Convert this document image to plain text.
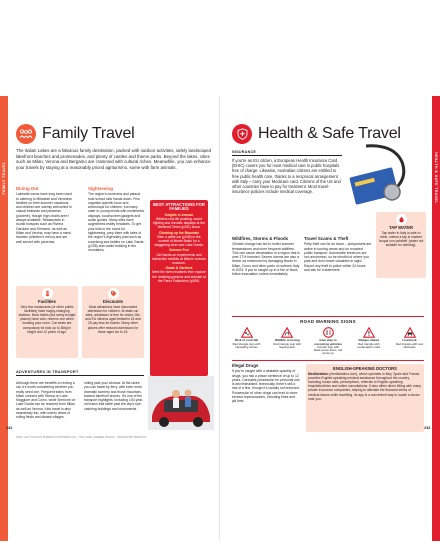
FAMILY TRAVEL
Family Travel
The Italian Lakes are a fabulous family destination, packed with outdoor activities, safely landscaped lakefront beaches and promenades, and plenty of castles and theme parks. Beyond the lakes, cities such as Milan, Verona and Bergamo are crammed with cultural riches. Meanwhile, you can enhance your travels by staying at a reasonably priced agriturismo, some with farm animals.
Dining Out
Lakeside towns have long been used to catering to Milanese and Veronese families on their summer vacations, and children are warmly welcomed in casual trattorias and pizzerias (pizzerie), though high chairs aren't always available. Restaurants in tourist hotspots such as Riviera Gardone and Sirmione, as well as Milan and Verona, may have a menù bambini (children's menu) and are well served with pizzerias.
Sightseeing
The region's museums and palazzi host school kids hands down. Few organise specific tours and workshops for children, but many cater to young minds with multimedia displays, touchscreen gadgets and audio guides. Many sites have augmented-reality headsets. To get your kids in the mood for sightseeing, prep them with tales of the region's legendary past such as surprising sea battles on Lake Garda (p208) and castle building in the mountains.
BEST ATTRACTIONS FOR FAMILIES
Knights in Armour
Witness real-life jousting, sword fighting and chivalric displays at the Medieval Times (p251) show.
Climbing up the Mountain
Ride a cable car (p208) to the summit of Monte Baldo for a staggering view over Lake Garda.
Science Fun
Get hands-on experiments and interactive exhibits at Milan's science museum.
Goats & Gardens
Meet the farm residents then explore the rambling gardens and animals at the Parco Pallavicino (p189).
Facilities
Very few restaurants (or other public facilities) have nappy-changing stations. Most hotels (but rarely budget places) have cots; reserve one when booking your room. Car seats are compulsory for kids up to 36kg in height and 12 years of age.
Discounts
Most attractions have discounted admission for children. At state-run sites, admission is free for under-18s, and EU citizens aged between 18 and 25 pay less for tickets. Many other places offer reduced admission for those aged six to 18.
ADVENTURES IN TRANSPORT
Although there are benefits to renting a car, it's worth considering whether you really need one. Frequent trains from Milan connect with Stresa on Lake Maggiore and Como, while Sirmione on Lake Garda can be reached from Milan as well as Verona. Kids travel is also seamlessly fun, with scenic views of rolling fields and distant villages.
rolling past your window. At the lakes, you can travel by ferry, with even more dramatic scenery and those mountain-backed lakefront shores. It's one of the transport highlights, including 100-year-old trains that rattle past the city's eye-catching buildings and monuments.
232
HEALTH & SAFE TRAVEL
Health & Safe Travel
INSURANCE
If you're an EU citizen, a European Health Insurance Card (EHIC) covers you for most medical care in public hospitals free of charge. Likewise, Australian citizens are entitled to free public health care, thanks to a reciprocal arrangement with Italy – carry your Medicare card. Citizens of the US and other countries have to pay for treatment. Most travel-insurance policies include medical coverage.
TAP WATER
Tap water in Italy is safe to drink, unless a tap is marked 'acqua non potabile' (water not suitable for drinking).
Wildfires, Storms & Floods
Climate change has led to hotter summer temperatures and more frequent wildfires. This can cause devastation in a region that is over 27% forested. Severe storms are also a threat, as evidenced by damaging floods in Milan, Como and other parts of northern Italy in 2023. If you're caught up in a fire or flood, follow evacuation orders immediately.
Travel Scams & Theft
Petty theft can be an issue – pickpockets are active in touristy areas and on crowded public transport. Automobile break-ins are not uncommon, so be mindful of where you park and don't leave valuables in sight. Report any theft to police within 24 hours and ask for a statement.
ROAD WARNING SIGNS
Risk of rock fall
Red triangle sign with cascading stones
Wildlife crossing
Red triangle sign with leaping deer
Give way to oncoming vehicles
Circular sign with black arrow down, red arrow up
Danger ahead
Red triangle with exclamation mark
Livestock
Red triangle with cow silhouette
Illegal Drugs
If you're caught with a dealable quantity of drugs, you risk a prison sentence of up to 12 years. Cannabis possession for personal use is decriminalised: technically, there's still a risk of a fine, though it's usually not enforced. Possession of other drugs can lead to more serious repercussions, including fines and jail time.
ENGLISH-SPEAKING DOCTORS
MediAviation (mediaviation.com), which operates in Italy, Spain and France, provides English-speaking medical assistance throughout the country, including house calls, prescriptions, referrals to English-speaking hospitals/clinics and online consultations. It also offers direct billing with many private insurance companies, helping to alleviate the financial stress of medical issues while travelling. Its app is a convenient way to locate a doctor near you.
233
TODO: LEFT TO RIGHT: SURFERS? NORTHERN ITALY · THE LAKES, SUMMER HOLIDAY · IMAGES/SHUTTERSTOCK
